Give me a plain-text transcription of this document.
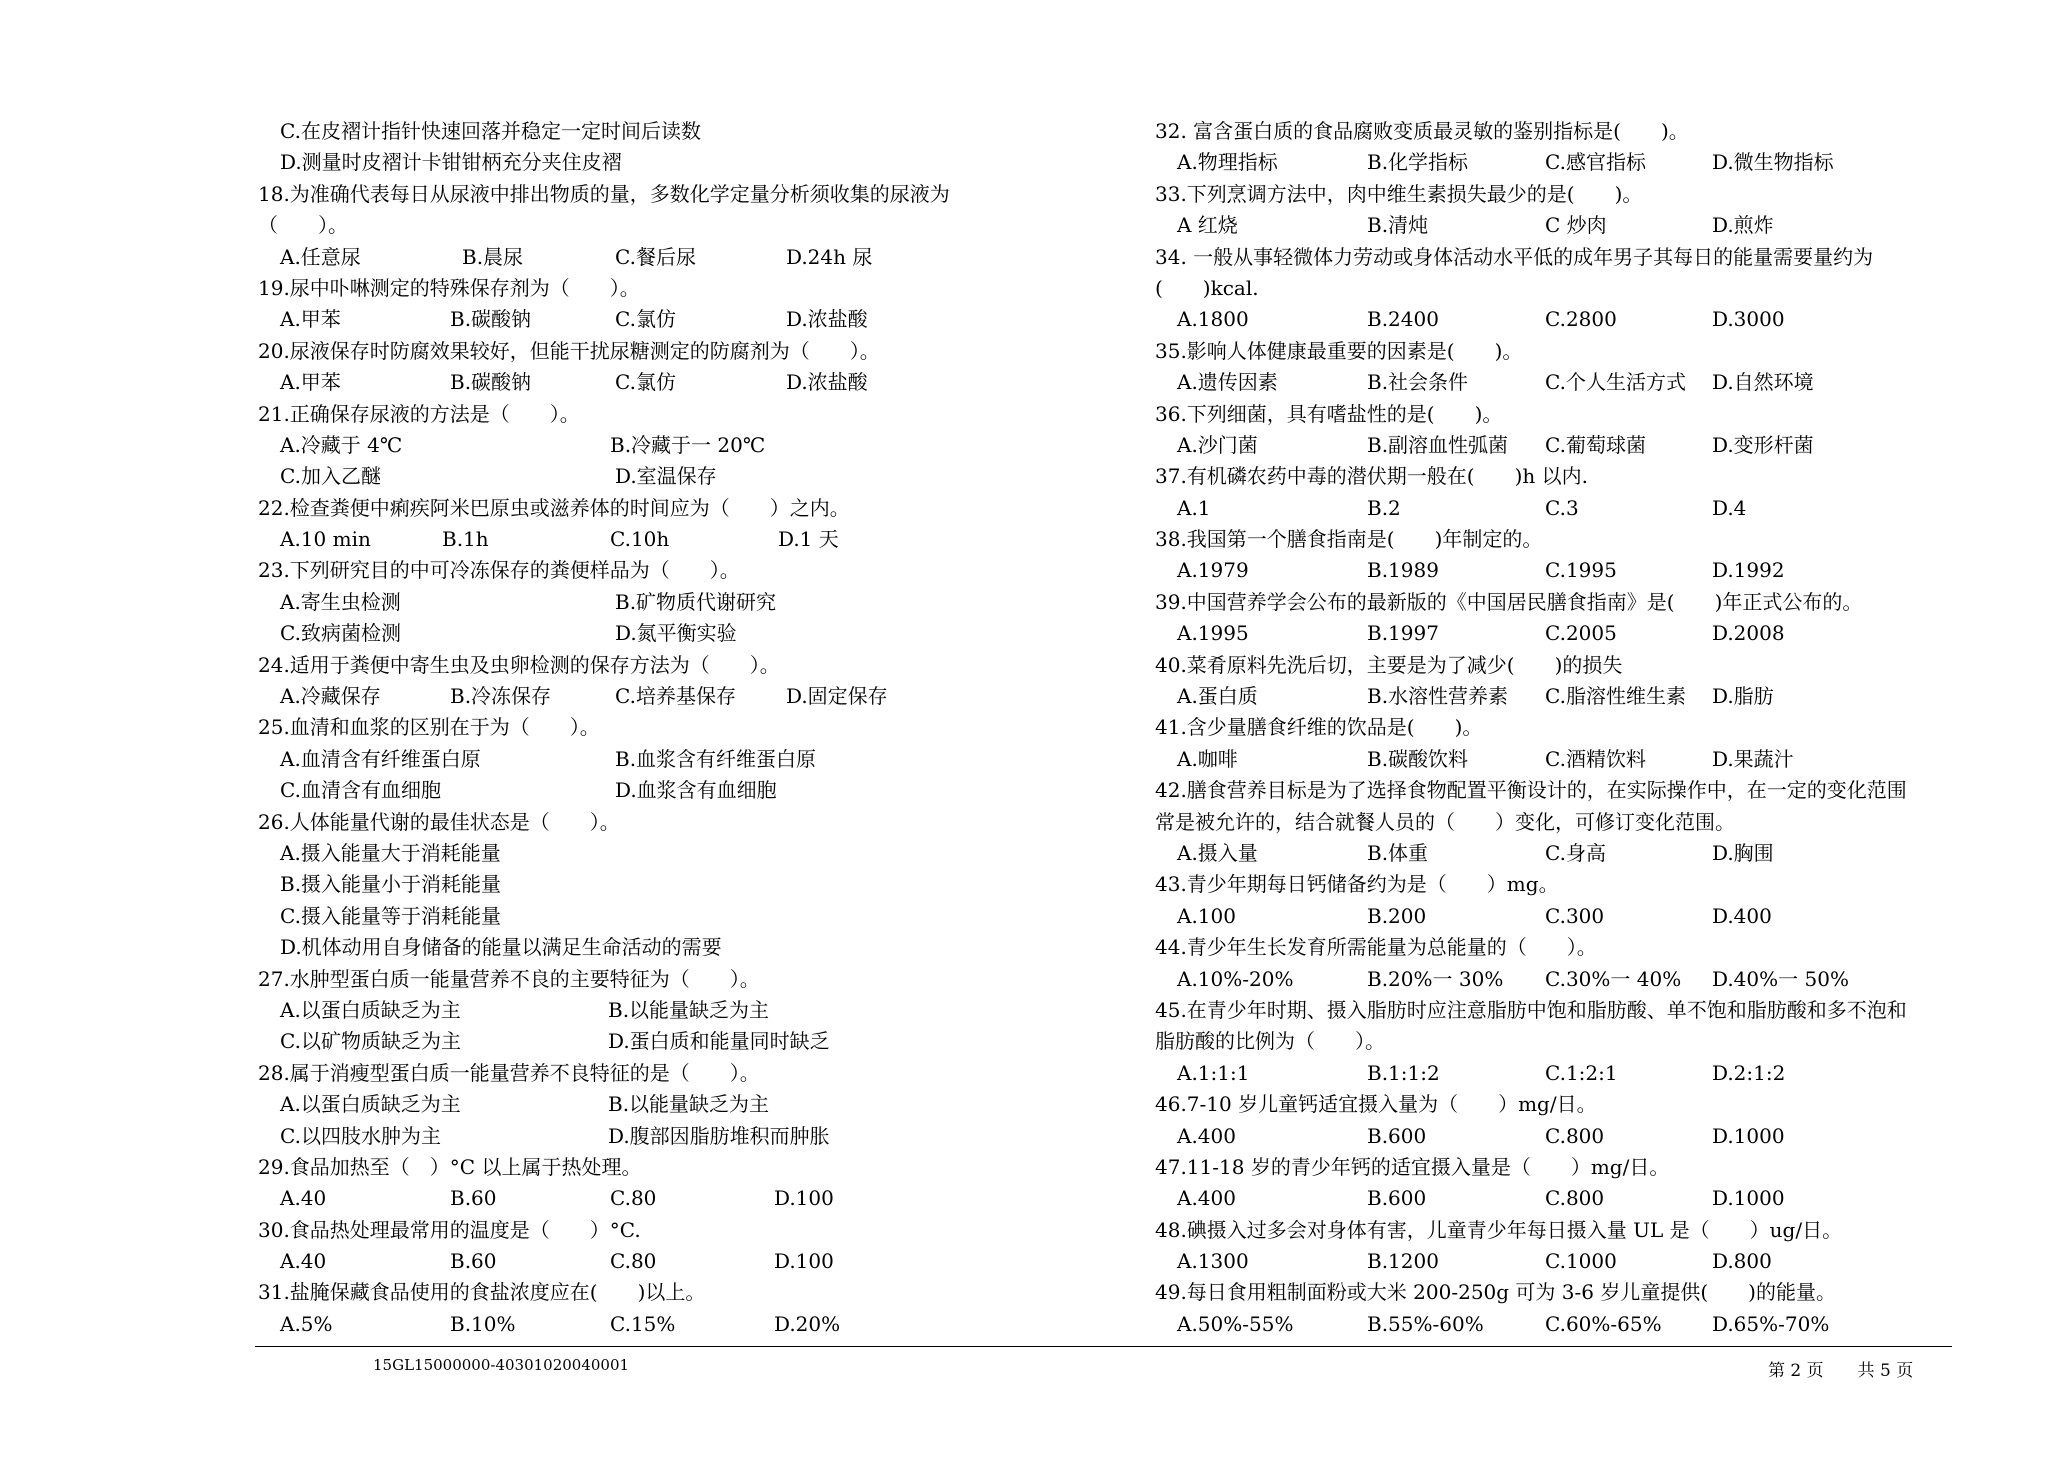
C.在皮褶计指针快速回落并稳定一定时间后读数
D.测量时皮褶计卡钳钳柄充分夹住皮褶
18.为准确代表每日从尿液中排出物质的量，多数化学定量分析须收集的尿液为
（　　）。
A.任意尿	B.晨尿	C.餐后尿	D.24h 尿
19.尿中卟啉测定的特殊保存剂为（　　）。
A.甲苯	B.碳酸钠	C.氯仿	D.浓盐酸
20.尿液保存时防腐效果较好，但能干扰尿糖测定的防腐剂为（　　）。
A.甲苯	B.碳酸钠	C.氯仿	D.浓盐酸
21.正确保存尿液的方法是（　　）。
A.冷藏于 4℃	B.冷藏于一 20℃
C.加入乙醚	D.室温保存
22.检查粪便中痢疾阿米巴原虫或滋养体的时间应为（　　）之内。
A.10 min	B.1h	C.10h	D.1 天
23.下列研究目的中可冷冻保存的粪便样品为（　　）。
A.寄生虫检测	B.矿物质代谢研究
C.致病菌检测	D.氮平衡实验
24.适用于粪便中寄生虫及虫卵检测的保存方法为（　　）。
A.冷藏保存	B.冷冻保存	C.培养基保存	D.固定保存
25.血清和血浆的区别在于为（　　）。
A.血清含有纤维蛋白原	B.血浆含有纤维蛋白原
C.血清含有血细胞	D.血浆含有血细胞
26.人体能量代谢的最佳状态是（　　）。
A.摄入能量大于消耗能量
B.摄入能量小于消耗能量
C.摄入能量等于消耗能量
D.机体动用自身储备的能量以满足生命活动的需要
27.水肿型蛋白质一能量营养不良的主要特征为（　　）。
A.以蛋白质缺乏为主	B.以能量缺乏为主
C.以矿物质缺乏为主	D.蛋白质和能量同时缺乏
28.属于消瘦型蛋白质一能量营养不良特征的是（　　）。
A.以蛋白质缺乏为主	B.以能量缺乏为主
C.以四肢水肿为主	D.腹部因脂肪堆积而肿胀
29.食品加热至（　）°C 以上属于热处理。
A.40	B.60	C.80	D.100
30.食品热处理最常用的温度是（　　）°C.
A.40	B.60	C.80	D.100
31.盐腌保藏食品使用的食盐浓度应在(　　)以上。
A.5%	B.10%	C.15%	D.20%
32. 富含蛋白质的食品腐败变质最灵敏的鉴别指标是(　　)。
A.物理指标	B.化学指标	C.感官指标	D.微生物指标
33.下列烹调方法中，肉中维生素损失最少的是(　　)。
A 红烧	B.清炖	C 炒肉	D.煎炸
34. 一般从事轻微体力劳动或身体活动水平低的成年男子其每日的能量需要量约为
(　　)kcal.
A.1800	B.2400	C.2800	D.3000
35.影响人体健康最重要的因素是(　　)。
A.遗传因素	B.社会条件	C.个人生活方式 D.自然环境
36.下列细菌，具有嗜盐性的是(　　)。
A.沙门菌	B.副溶血性弧菌 C.葡萄球菌	D.变形杆菌
37.有机磷农药中毒的潜伏期一般在(　　)h 以内.
A.1	B.2	C.3	D.4
38.我国第一个膳食指南是(　　)年制定的。
A.1979	B.1989	C.1995	D.1992
39.中国营养学会公布的最新版的《中国居民膳食指南》是(　　)年正式公布的。
A.1995	B.1997	C.2005	D.2008
40.菜肴原料先洗后切，主要是为了减少(　　)的损失
A.蛋白质	B.水溶性营养素 C.脂溶性维生素 D.脂肪
41.含少量膳食纤维的饮品是(　　)。
A.咖啡	B.碳酸饮料	C.酒精饮料	D.果蔬汁
42.膳食营养目标是为了选择食物配置平衡设计的，在实际操作中，在一定的变化范围
常是被允许的，结合就餐人员的（　　）变化，可修订变化范围。
A.摄入量	B.体重	C.身高	D.胸围
43.青少年期每日钙储备约为是（　　）mg。
A.100	B.200	C.300	D.400
44.青少年生长发育所需能量为总能量的（　　）。
A.10%-20%	B.20%一 30% C.30%一 40% D.40%一 50%
45.在青少年时期、摄入脂肪时应注意脂肪中饱和脂肪酸、单不饱和脂肪酸和多不泡和
脂肪酸的比例为（　　）。
A.1:1:1	B.1:1:2	C.1:2:1	D.2:1:2
46.7-10 岁儿童钙适宜摄入量为（　　）mg/日。
A.400	B.600	C.800	D.1000
47.11-18 岁的青少年钙的适宜摄入量是（　　）mg/日。
A.400	B.600	C.800	D.1000
48.碘摄入过多会对身体有害，儿童青少年每日摄入量 UL 是（　　）ug/日。
A.1300	B.1200	C.1000	D.800
49.每日食用粗制面粉或大米 200-250g 可为 3-6 岁儿童提供(　　)的能量。
A.50%-55%	B.55%-60%	C.60%-65%	D.65%-70%
15GL15000000-40301020040001	第 2 页　　共 5 页
